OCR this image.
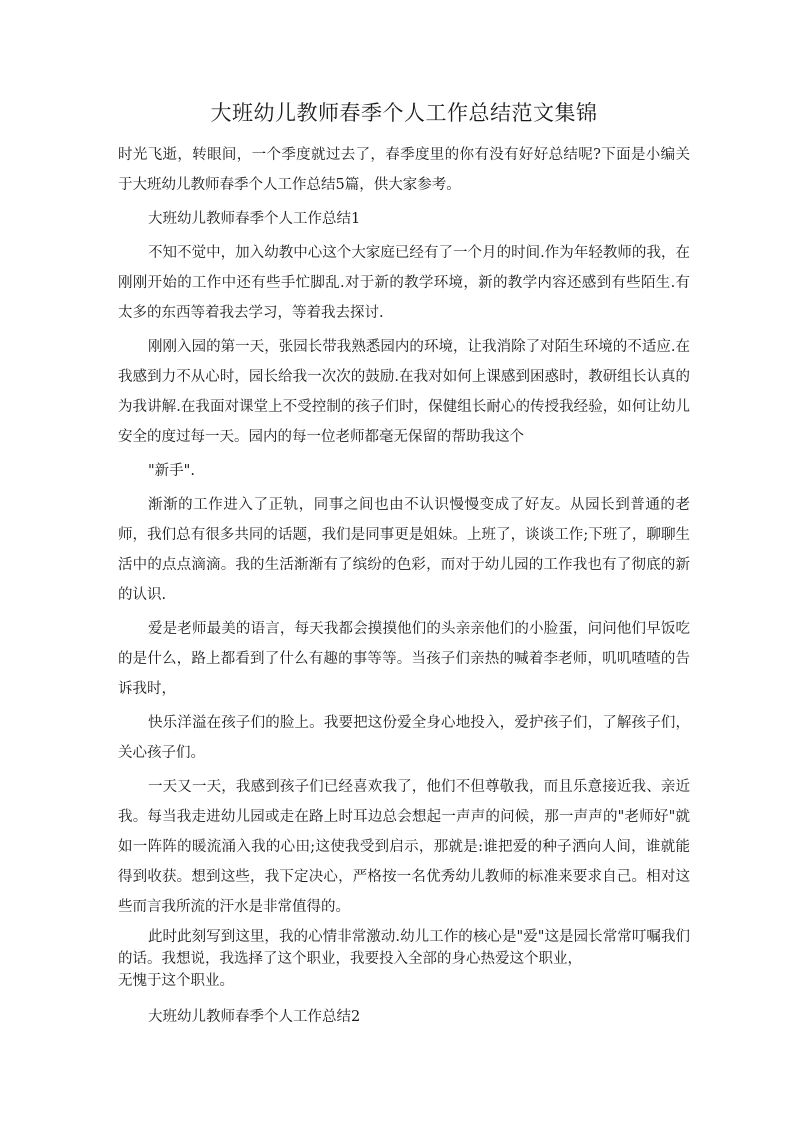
大班幼儿教师春季个人工作总结范文集锦

时光飞逝，转眼间，一个季度就过去了，春季度里的你有没有好好总结呢?下面是小编关于大班幼儿教师春季个人工作总结5篇，供大家参考。

大班幼儿教师春季个人工作总结1

不知不觉中，加入幼教中心这个大家庭已经有了一个月的时间.作为年轻教师的我，在刚刚开始的工作中还有些手忙脚乱.对于新的教学环境，新的教学内容还感到有些陌生.有太多的东西等着我去学习，等着我去探讨.

刚刚入园的第一天，张园长带我熟悉园内的环境，让我消除了对陌生环境的不适应.在我感到力不从心时，园长给我一次次的鼓励.在我对如何上课感到困惑时，教研组长认真的为我讲解.在我面对课堂上不受控制的孩子们时，保健组长耐心的传授我经验，如何让幼儿安全的度过每一天。园内的每一位老师都毫无保留的帮助我这个

"新手".

渐渐的工作进入了正轨，同事之间也由不认识慢慢变成了好友。从园长到普通的老师，我们总有很多共同的话题，我们是同事更是姐妹。上班了，谈谈工作;下班了，聊聊生活中的点点滴滴。我的生活渐渐有了缤纷的色彩，而对于幼儿园的工作我也有了彻底的新的认识.

爱是老师最美的语言，每天我都会摸摸他们的头亲亲他们的小脸蛋，问问他们早饭吃的是什么，路上都看到了什么有趣的事等等。当孩子们亲热的喊着李老师，叽叽喳喳的告诉我时，

快乐洋溢在孩子们的脸上。我要把这份爱全身心地投入，爱护孩子们，了解孩子们，关心孩子们。

一天又一天，我感到孩子们已经喜欢我了，他们不但尊敬我，而且乐意接近我、亲近我。每当我走进幼儿园或走在路上时耳边总会想起一声声的问候，那一声声的"老师好"就如一阵阵的暖流涌入我的心田;这使我受到启示，那就是:谁把爱的种子洒向人间，谁就能得到收获。想到这些，我下定决心，严格按一名优秀幼儿教师的标准来要求自己。相对这些而言我所流的汗水是非常值得的。

此时此刻写到这里，我的心情非常激动.幼儿工作的核心是"爱"这是园长常常叮嘱我们的话。我想说，我选择了这个职业，我要投入全部的身心热爱这个职业，

无愧于这个职业。

大班幼儿教师春季个人工作总结2
